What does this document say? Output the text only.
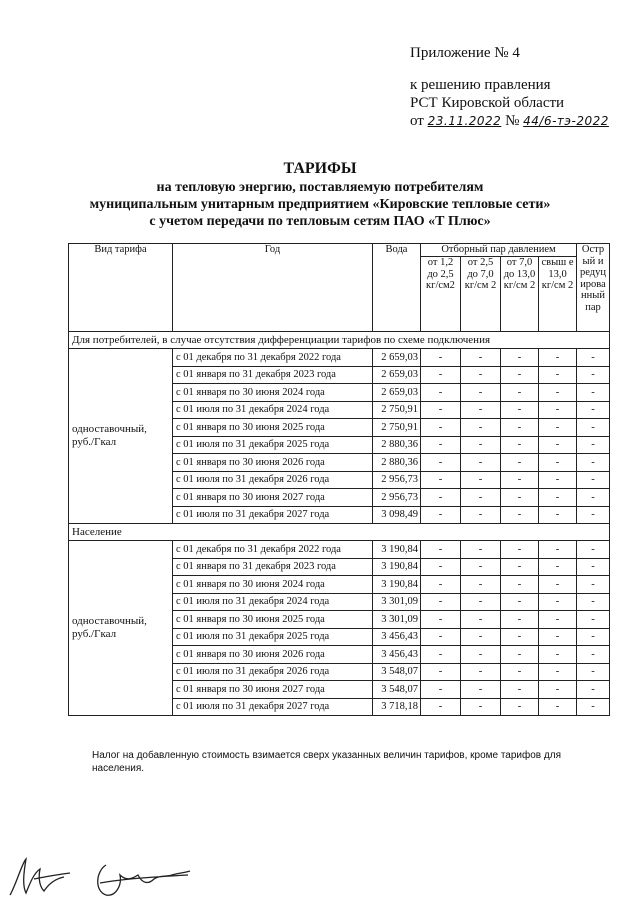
Приложение № 4
к решению правления
РСТ Кировской области
от 23.11.2022 № 44/6-тэ-2022
ТАРИФЫ
на тепловую энергию, поставляемую потребителям
муниципальным унитарным предприятием «Кировские тепловые сети»
с учетом передачи по тепловым сетям ПАО «Т Плюс»
Вид тарифа	Год	Вода	Отборный пар давлением				Остр ый и редуц ирова нный пар
			от 1,2 до 2,5 кг/см2	от 2,5 до 7,0 кг/см 2	от 7,0 до 13,0 кг/см 2	свыш е 13,0 кг/см 2	
Для потребителей, в случае отсутствия дифференциации тарифов по схеме подключения							
одноставочный, руб./Гкал	с 01 декабря по 31 декабря 2022 года	2 659,03	-	-	-	-	-
	с 01 января по 31 декабря 2023 года	2 659,03	-	-	-	-	-
	с 01 января по 30 июня 2024 года	2 659,03	-	-	-	-	-
	с 01 июля по 31 декабря 2024 года	2 750,91	-	-	-	-	-
	с 01 января по 30 июня 2025 года	2 750,91	-	-	-	-	-
	с 01 июля по 31 декабря 2025 года	2 880,36	-	-	-	-	-
	с 01 января по 30 июня 2026 года	2 880,36	-	-	-	-	-
	с 01 июля по 31 декабря 2026 года	2 956,73	-	-	-	-	-
	с 01 января по 30 июня 2027 года	2 956,73	-	-	-	-	-
	с 01 июля по 31 декабря 2027 года	3 098,49	-	-	-	-	-
Население							
одноставочный, руб./Гкал	с 01 декабря по 31 декабря 2022 года	3 190,84	-	-	-	-	-
	с 01 января по 31 декабря 2023 года	3 190,84	-	-	-	-	-
	с 01 января по 30 июня 2024 года	3 190,84	-	-	-	-	-
	с 01 июля по 31 декабря 2024 года	3 301,09	-	-	-	-	-
	с 01 января по 30 июня 2025 года	3 301,09	-	-	-	-	-
	с 01 июля по 31 декабря 2025 года	3 456,43	-	-	-	-	-
	с 01 января по 30 июня 2026 года	3 456,43	-	-	-	-	-
	с 01 июля по 31 декабря 2026 года	3 548,07	-	-	-	-	-
	с 01 января по 30 июня 2027 года	3 548,07	-	-	-	-	-
	с 01 июля по 31 декабря 2027 года	3 718,18	-	-	-	-	-
Налог на добавленную стоимость взимается сверх указанных величин тарифов, кроме тарифов для населения.
